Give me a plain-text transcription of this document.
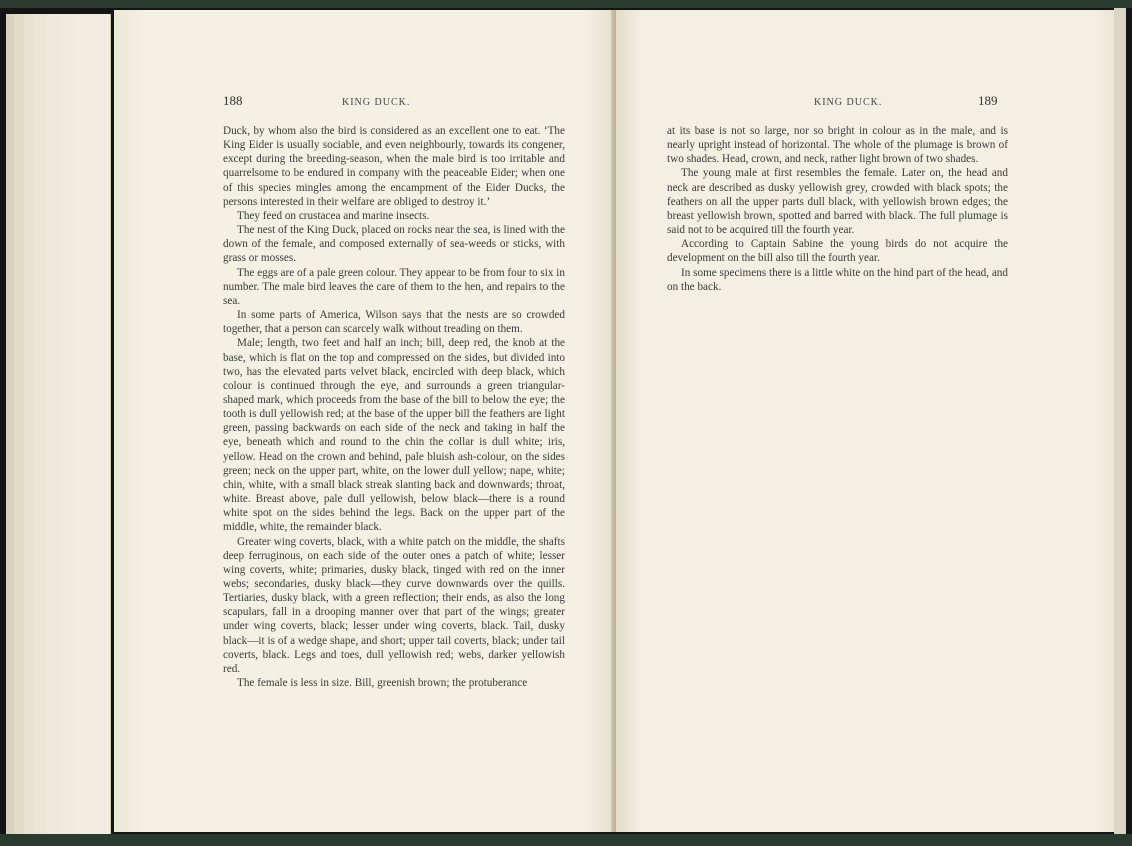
188	KING DUCK.

Duck, by whom also the bird is considered as an excellent one to eat. ‘The King Eider is usually sociable, and even neighbourly, towards its congener, except during the breeding-season, when the male bird is too irritable and quarrelsome to be endured in company with the peaceable Eider; when one of this species mingles among the encampment of the Eider Ducks, the persons interested in their welfare are obliged to destroy it.’

They feed on crustacea and marine insects.

The nest of the King Duck, placed on rocks near the sea, is lined with the down of the female, and composed externally of sea-weeds or sticks, with grass or mosses.

The eggs are of a pale green colour. They appear to be from four to six in number. The male bird leaves the care of them to the hen, and repairs to the sea.

In some parts of America, Wilson says that the nests are so crowded together, that a person can scarcely walk without treading on them.

Male; length, two feet and half an inch; bill, deep red, the knob at the base, which is flat on the top and compressed on the sides, but divided into two, has the elevated parts velvet black, encircled with deep black, which colour is continued through the eye, and surrounds a green triangular-shaped mark, which proceeds from the base of the bill to below the eye; the tooth is dull yellowish red; at the base of the upper bill the feathers are light green, passing backwards on each side of the neck and taking in half the eye, beneath which and round to the chin the collar is dull white; iris, yellow. Head on the crown and behind, pale bluish ash-colour, on the sides green; neck on the upper part, white, on the lower dull yellow; nape, white; chin, white, with a small black streak slanting back and downwards; throat, white. Breast above, pale dull yellowish, below black—there is a round white spot on the sides behind the legs. Back on the upper part of the middle, white, the remainder black.

Greater wing coverts, black, with a white patch on the middle, the shafts deep ferruginous, on each side of the outer ones a patch of white; lesser wing coverts, white; primaries, dusky black, tinged with red on the inner webs; secondaries, dusky black—they curve downwards over the quills. Tertiaries, dusky black, with a green reflection; their ends, as also the long scapulars, fall in a drooping manner over that part of the wings; greater under wing coverts, black; lesser under wing coverts, black. Tail, dusky black—it is of a wedge shape, and short; upper tail coverts, black; under tail coverts, black. Legs and toes, dull yellowish red; webs, darker yellowish red.

The female is less in size. Bill, greenish brown; the protuberance

KING DUCK.	189

at its base is not so large, nor so bright in colour as in the male, and is nearly upright instead of horizontal. The whole of the plumage is brown of two shades. Head, crown, and neck, rather light brown of two shades.

The young male at first resembles the female. Later on, the head and neck are described as dusky yellowish grey, crowded with black spots; the feathers on all the upper parts dull black, with yellowish brown edges; the breast yellowish brown, spotted and barred with black. The full plumage is said not to be acquired till the fourth year.

According to Captain Sabine the young birds do not acquire the development on the bill also till the fourth year.

In some specimens there is a little white on the hind part of the head, and on the back.
